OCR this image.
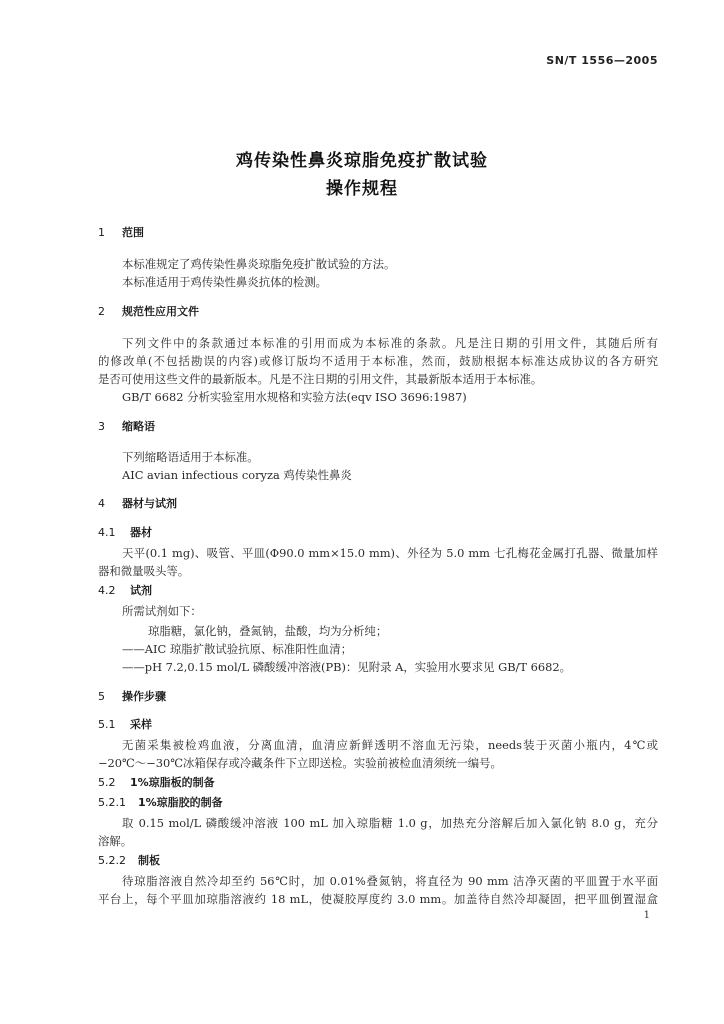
SN/T 1556—2005
鸡传染性鼻炎琼脂免疫扩散试验
操作规程
1 范围
本标准规定了鸡传染性鼻炎琼脂免疫扩散试验的方法。
本标准适用于鸡传染性鼻炎抗体的检测。
2 规范性应用文件
下列文件中的条款通过本标准的引用而成为本标准的条款。凡是注日期的引用文件，其随后所有
的修改单(不包括勘误的内容)或修订版均不适用于本标准，然而，鼓励根据本标准达成协议的各方研究
是否可使用这些文件的最新版本。凡是不注日期的引用文件，其最新版本适用于本标准。
GB/T 6682 分析实验室用水规格和实验方法(eqv ISO 3696:1987)
3 缩略语
下列缩略语适用于本标准。
AIC avian infectious coryza 鸡传染性鼻炎
4 器材与试剂
4.1 器材
天平(0.1 mg)、吸管、平皿(Φ90.0 mm×15.0 mm)、外径为 5.0 mm 七孔梅花金属打孔器、微量加样
器和微量吸头等。
4.2 试剂
所需试剂如下：
琼脂糖，氯化钠，叠氮钠，盐酸，均为分析纯；
——AIC 琼脂扩散试验抗原、标准阳性血清；
——pH 7.2,0.15 mol/L 磷酸缓冲溶液(PB)：见附录 A，实验用水要求见 GB/T 6682。
5 操作步骤
5.1 采样
无菌采集被检鸡血液，分离血清，血清应新鲜透明不溶血无污染，needs装于灭菌小瓶内，4℃或
−20℃～−30℃冰箱保存或冷藏条件下立即送检。实验前被检血清须统一编号。
5.2 1%琼脂板的制备
5.2.1 1%琼脂胶的制备
取 0.15 mol/L 磷酸缓冲溶液 100 mL 加入琼脂糖 1.0 g，加热充分溶解后加入氯化钠 8.0 g，充分
溶解。
5.2.2 制板
待琼脂溶液自然冷却至约 56℃时，加 0.01%叠氮钠，将直径为 90 mm 洁净灭菌的平皿置于水平面
平台上，每个平皿加琼脂溶液约 18 mL，使凝胶厚度约 3.0 mm。加盖待自然冷却凝固，把平皿倒置湿盒
1
